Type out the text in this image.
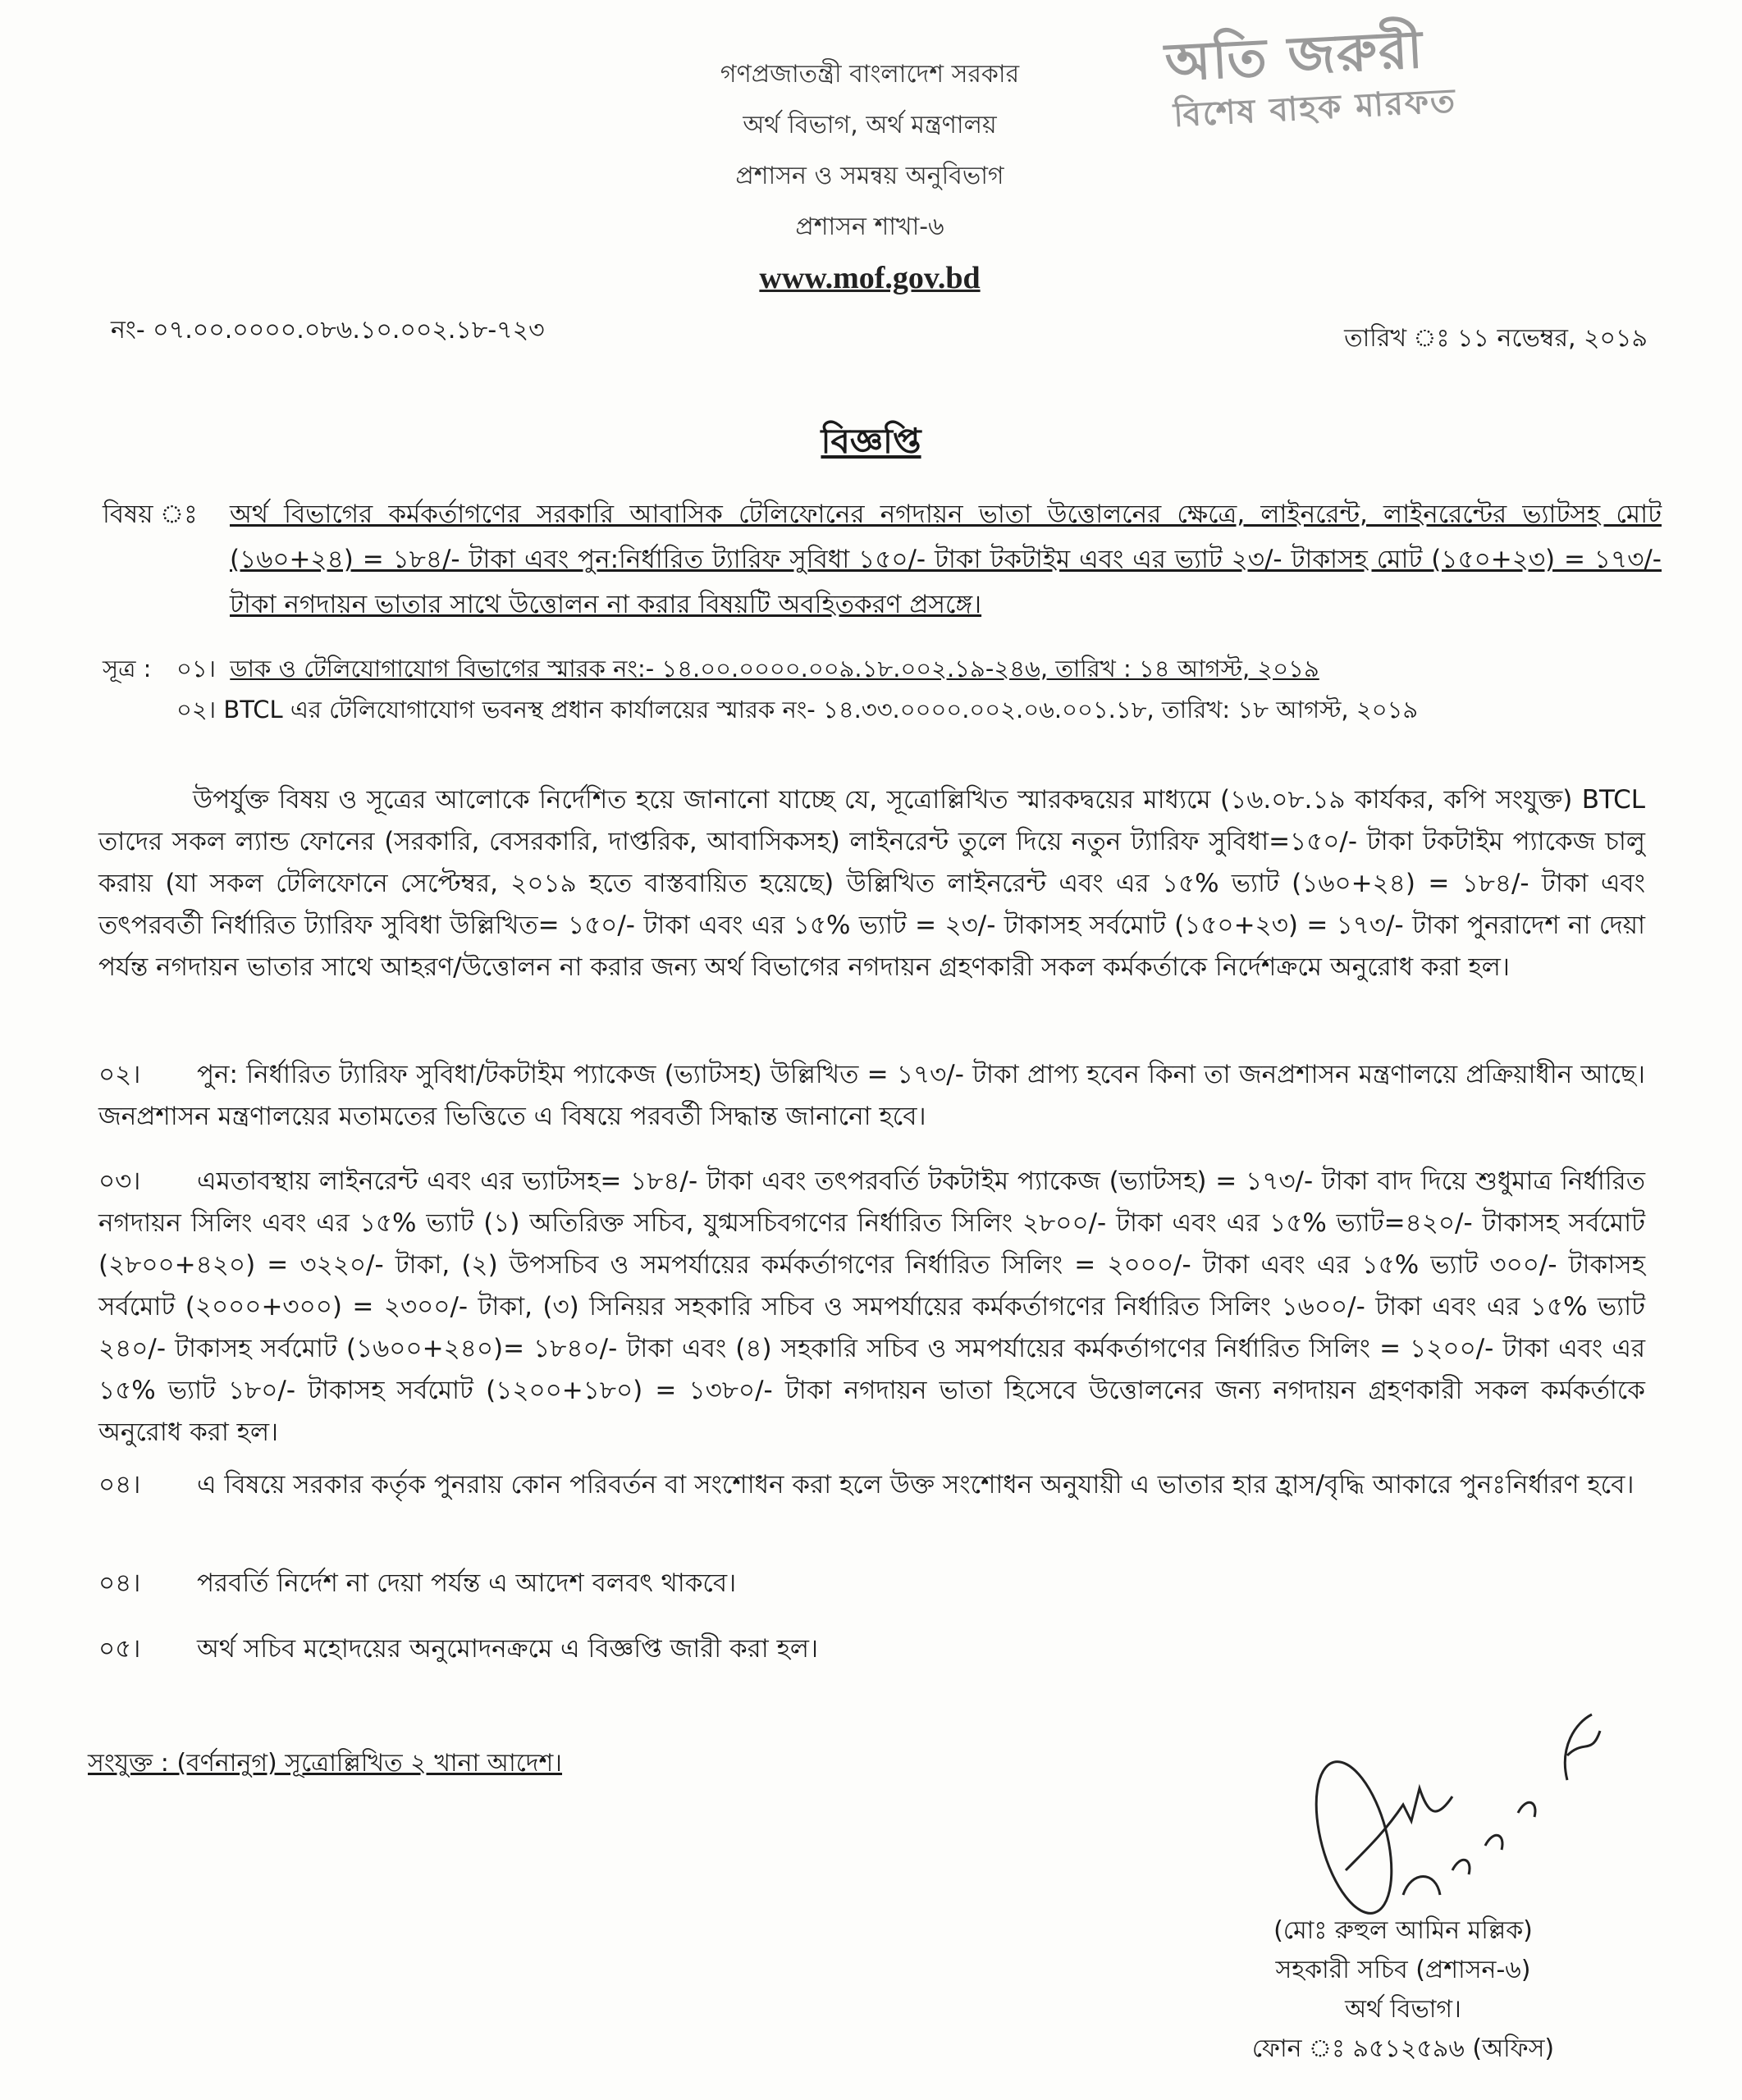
অতি জরুরী
বিশেষ বাহক মারফত
গণপ্রজাতন্ত্রী বাংলাদেশ সরকার
অর্থ বিভাগ, অর্থ মন্ত্রণালয়
প্রশাসন ও সমন্বয় অনুবিভাগ
প্রশাসন শাখা-৬
www.mof.gov.bd
নং- ০৭.০০.০০০০.০৮৬.১০.০০২.১৮-৭২৩	তারিখ ঃ ১১ নভেম্বর, ২০১৯
বিজ্ঞপ্তি
বিষয় ঃ অর্থ বিভাগের কর্মকর্তাগণের সরকারি আবাসিক টেলিফোনের নগদায়ন ভাতা উত্তোলনের ক্ষেত্রে, লাইনরেন্ট, লাইনরেন্টের ভ্যাটসহ মোট (১৬০+২৪) = ১৮৪/- টাকা এবং পুন:নির্ধারিত ট্যারিফ সুবিধা ১৫০/- টাকা টকটাইম এবং এর ভ্যাট ২৩/- টাকাসহ মোট (১৫০+২৩) = ১৭৩/- টাকা নগদায়ন ভাতার সাথে উত্তোলন না করার বিষয়টি অবহিতকরণ প্রসঙ্গে।
সূত্র : ০১। ডাক ও টেলিযোগাযোগ বিভাগের স্মারক নং:- ১৪.০০.০০০০.০০৯.১৮.০০২.১৯-২৪৬, তারিখ : ১৪ আগস্ট, ২০১৯
০২। BTCL এর টেলিযোগাযোগ ভবনস্থ প্রধান কার্যালয়ের স্মারক নং- ১৪.৩৩.০০০০.০০২.০৬.০০১.১৮, তারিখ: ১৮ আগস্ট, ২০১৯
উপর্যুক্ত বিষয় ও সূত্রের আলোকে নির্দেশিত হয়ে জানানো যাচ্ছে যে, সূত্রোল্লিখিত স্মারকদ্বয়ের মাধ্যমে (১৬.০৮.১৯ কার্যকর, কপি সংযুক্ত) BTCL তাদের সকল ল্যান্ড ফোনের (সরকারি, বেসরকারি, দাপ্তরিক, আবাসিকসহ) লাইনরেন্ট তুলে দিয়ে নতুন ট্যারিফ সুবিধা=১৫০/- টাকা টকটাইম প্যাকেজ চালু করায় (যা সকল টেলিফোনে সেপ্টেম্বর, ২০১৯ হতে বাস্তবায়িত হয়েছে) উল্লিখিত লাইনরেন্ট এবং এর ১৫% ভ্যাট (১৬০+২৪) = ১৮৪/- টাকা এবং তৎপরবর্তী নির্ধারিত ট্যারিফ সুবিধা উল্লিখিত= ১৫০/- টাকা এবং এর ১৫% ভ্যাট = ২৩/- টাকাসহ সর্বমোট (১৫০+২৩) = ১৭৩/- টাকা পুনরাদেশ না দেয়া পর্যন্ত নগদায়ন ভাতার সাথে আহরণ/উত্তোলন না করার জন্য অর্থ বিভাগের নগদায়ন গ্রহণকারী সকল কর্মকর্তাকে নির্দেশক্রমে অনুরোধ করা হল।
০২। পুন: নির্ধারিত ট্যারিফ সুবিধা/টকটাইম প্যাকেজ (ভ্যাটসহ) উল্লিখিত = ১৭৩/- টাকা প্রাপ্য হবেন কিনা তা জনপ্রশাসন মন্ত্রণালয়ে প্রক্রিয়াধীন আছে। জনপ্রশাসন মন্ত্রণালয়ের মতামতের ভিত্তিতে এ বিষয়ে পরবর্তী সিদ্ধান্ত জানানো হবে।
০৩। এমতাবস্থায় লাইনরেন্ট এবং এর ভ্যাটসহ= ১৮৪/- টাকা এবং তৎপরবর্তি টকটাইম প্যাকেজ (ভ্যাটসহ) = ১৭৩/- টাকা বাদ দিয়ে শুধুমাত্র নির্ধারিত নগদায়ন সিলিং এবং এর ১৫% ভ্যাট (১) অতিরিক্ত সচিব, যুগ্মসচিবগণের নির্ধারিত সিলিং ২৮০০/- টাকা এবং এর ১৫% ভ্যাট=৪২০/- টাকাসহ সর্বমোট (২৮০০+৪২০) = ৩২২০/- টাকা, (২) উপসচিব ও সমপর্যায়ের কর্মকর্তাগণের নির্ধারিত সিলিং = ২০০০/- টাকা এবং এর ১৫% ভ্যাট ৩০০/- টাকাসহ সর্বমোট (২০০০+৩০০) = ২৩০০/- টাকা, (৩) সিনিয়র সহকারি সচিব ও সমপর্যায়ের কর্মকর্তাগণের নির্ধারিত সিলিং ১৬০০/- টাকা এবং এর ১৫% ভ্যাট ২৪০/- টাকাসহ সর্বমোট (১৬০০+২৪০)= ১৮৪০/- টাকা এবং (৪) সহকারি সচিব ও সমপর্যায়ের কর্মকর্তাগণের নির্ধারিত সিলিং = ১২০০/- টাকা এবং এর ১৫% ভ্যাট ১৮০/- টাকাসহ সর্বমোট (১২০০+১৮০) = ১৩৮০/- টাকা নগদায়ন ভাতা হিসেবে উত্তোলনের জন্য নগদায়ন গ্রহণকারী সকল কর্মকর্তাকে অনুরোধ করা হল।
০৪। এ বিষয়ে সরকার কর্তৃক পুনরায় কোন পরিবর্তন বা সংশোধন করা হলে উক্ত সংশোধন অনুযায়ী এ ভাতার হার হ্রাস/বৃদ্ধি আকারে পুনঃনির্ধারণ হবে।
০৪। পরবর্তি নির্দেশ না দেয়া পর্যন্ত এ আদেশ বলবৎ থাকবে।
০৫। অর্থ সচিব মহোদয়ের অনুমোদনক্রমে এ বিজ্ঞপ্তি জারী করা হল।
সংযুক্ত : (বর্ণনানুগ) সূত্রোল্লিখিত ২ খানা আদেশ।
(মোঃ রুহুল আমিন মল্লিক)
সহকারী সচিব (প্রশাসন-৬)
অর্থ বিভাগ।
ফোন ঃ ৯৫১২৫৯৬ (অফিস)
